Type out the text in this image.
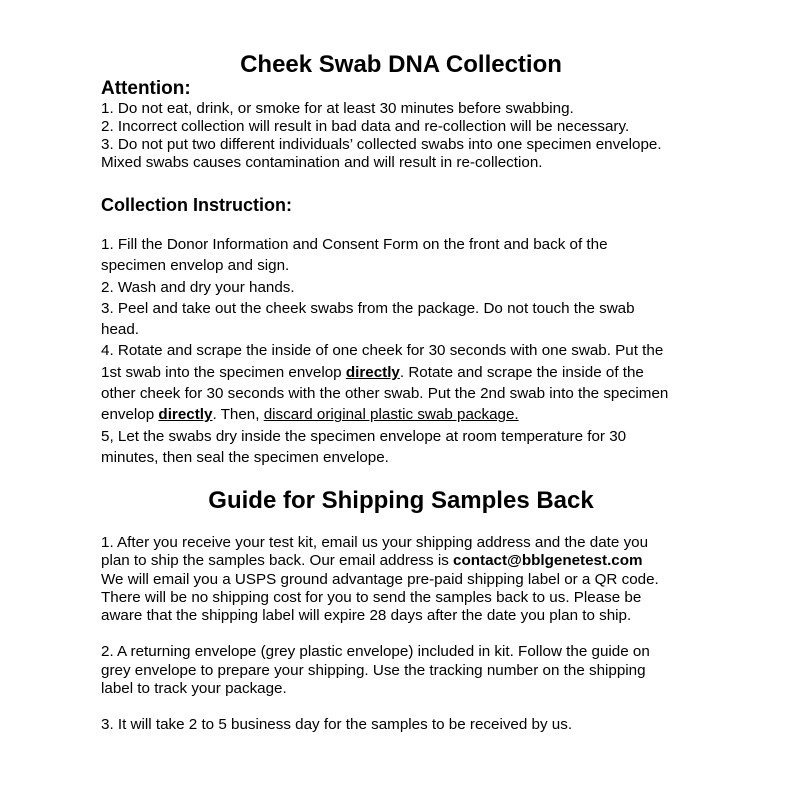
Cheek Swab DNA Collection
Attention:

1. Do not eat, drink, or smoke for at least 30 minutes before swabbing.

2. Incorrect collection will result in bad data and re-collection will be necessary.

3. Do not put two different individuals’ collected swabs into one specimen envelope.

Mixed swabs causes contamination and will result in re-collection.

Collection Instruction:

1. Fill the Donor Information and Consent Form on the front and back of the

specimen envelop and sign.

2. Wash and dry your hands.

3. Peel and take out the cheek swabs from the package. Do not touch the swab

head.

4. Rotate and scrape the inside of one cheek for 30 seconds with one swab. Put the

1st swab into the specimen envelop directly. Rotate and scrape the inside of the

other cheek for 30 seconds with the other swab. Put the 2nd swab into the specimen

envelop directly. Then, discard original plastic swab package.

5, Let the swabs dry inside the specimen envelope at room temperature for 30

minutes, then seal the specimen envelope.

Guide for Shipping Samples Back

1. After you receive your test kit, email us your shipping address and the date you

plan to ship the samples back. Our email address is contact@bblgenetest.com

We will email you a USPS ground advantage pre-paid shipping label or a QR code.

There will be no shipping cost for you to send the samples back to us. Please be

aware that the shipping label will expire 28 days after the date you plan to ship.

2. A returning envelope (grey plastic envelope) included in kit. Follow the guide on

grey envelope to prepare your shipping. Use the tracking number on the shipping

label to track your package.

3. It will take 2 to 5 business day for the samples to be received by us.
